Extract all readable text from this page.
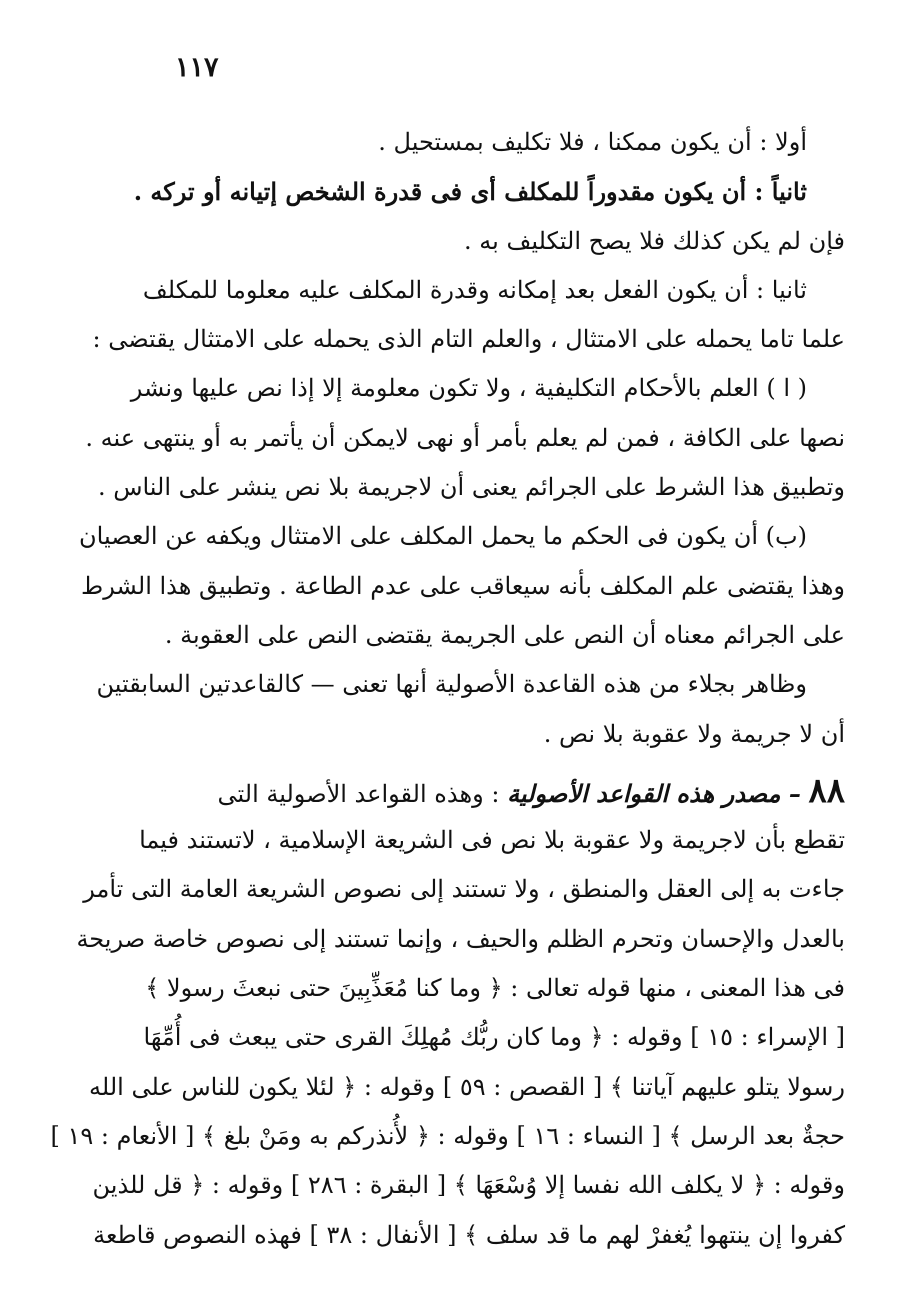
١١٧
أولا : أن يكون ممكنا ، فلا تكليف بمستحيل .
ثانياً : أن يكون مقدوراً للمكلف أى فى قدرة الشخص إتيانه أو تركه .
فإن لم يكن كذلك فلا يصح التكليف به .
ثانيا : أن يكون الفعل بعد إمكانه وقدرة المكلف عليه معلوما للمكلف
علما تاما يحمله على الامتثال ، والعلم التام الذى يحمله على الامتثال يقتضى :
( ا ) العلم بالأحكام التكليفية ، ولا تكون معلومة إلا إذا نص عليها ونشر
نصها على الكافة ، فمن لم يعلم بأمر أو نهى لايمكن أن يأتمر به أو ينتهى عنه .
وتطبيق هذا الشرط على الجرائم يعنى أن لاجريمة بلا نص ينشر على الناس .
(ب) أن يكون فى الحكم ما يحمل المكلف على الامتثال ويكفه عن العصيان
وهذا يقتضى علم المكلف بأنه سيعاقب على عدم الطاعة . وتطبيق هذا الشرط
على الجرائم معناه أن النص على الجريمة يقتضى النص على العقوبة .
وظاهر بجلاء من هذه القاعدة الأصولية أنها تعنى — كالقاعدتين السابقتين
أن لا جريمة ولا عقوبة بلا نص .
٨٨ – مصدر هذه القواعد الأصولية : وهذه القواعد الأصولية التى
تقطع بأن لاجريمة ولا عقوبة بلا نص فى الشريعة الإسلامية ، لاتستند فيما
جاءت به إلى العقل والمنطق ، ولا تستند إلى نصوص الشريعة العامة التى تأمر
بالعدل والإحسان وتحرم الظلم والحيف ، وإنما تستند إلى نصوص خاصة صريحة
فى هذا المعنى ، منها قوله تعالى : ﴿ وما كنا مُعَذِّبِينَ حتى نبعثَ رسولا ﴾
[ الإسراء : ١٥ ] وقوله : ﴿ وما كان ربُّك مُهلِكَ القرى حتى يبعث فى أُمِّهَا
رسولا يتلو عليهم آياتنا ﴾ [ القصص : ٥٩ ] وقوله : ﴿ لئلا يكون للناس على الله
حجةٌ بعد الرسل ﴾ [ النساء : ١٦ ] وقوله : ﴿ لأُنذركم به ومَنْ بلغ ﴾ [ الأنعام : ١٩ ]
وقوله : ﴿ لا يكلف الله نفسا إلا وُسْعَهَا ﴾ [ البقرة : ٢٨٦ ] وقوله : ﴿ قل للذين
كفروا إن ينتهوا يُغفرْ لهم ما قد سلف ﴾ [ الأنفال : ٣٨ ] فهذه النصوص قاطعة
